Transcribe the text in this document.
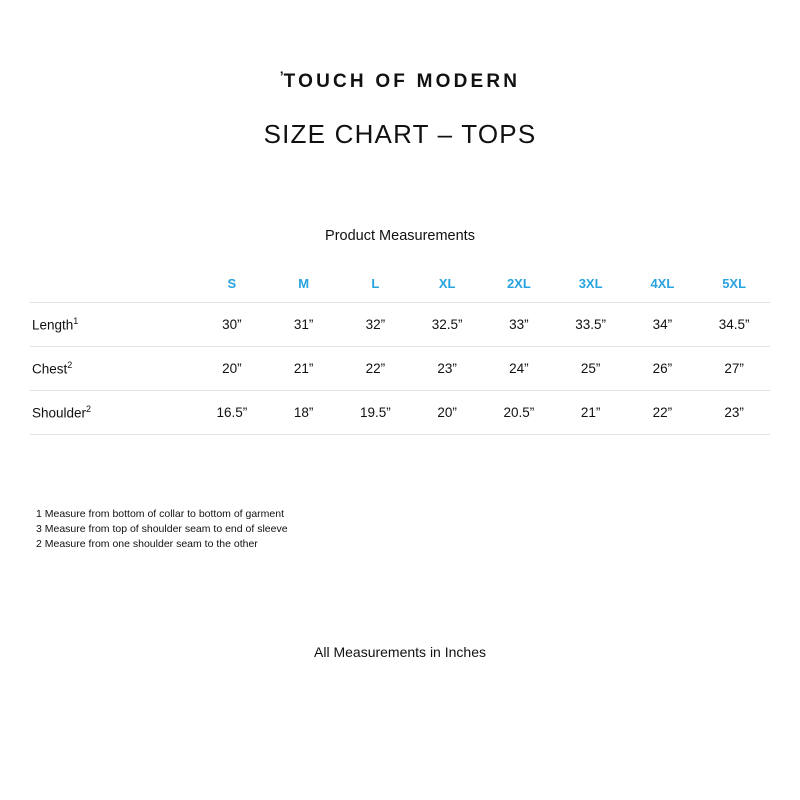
’TOUCH OF MODERN
SIZE CHART – TOPS
Product Measurements
	S	M	L	XL	2XL	3XL	4XL	5XL
Length$^1$	30”	31”	32”	32.5”	33”	33.5”	34”	34.5”
Chest$^2$	20”	21”	22”	23”	24”	25”	26”	27”
Shoulder$^2$	16.5”	18”	19.5”	20”	20.5”	21”	22”	23”
1 Measure from bottom of collar to bottom of garment
3 Measure from top of shoulder seam to end of sleeve
2 Measure from one shoulder seam to the other
All Measurements in Inches
